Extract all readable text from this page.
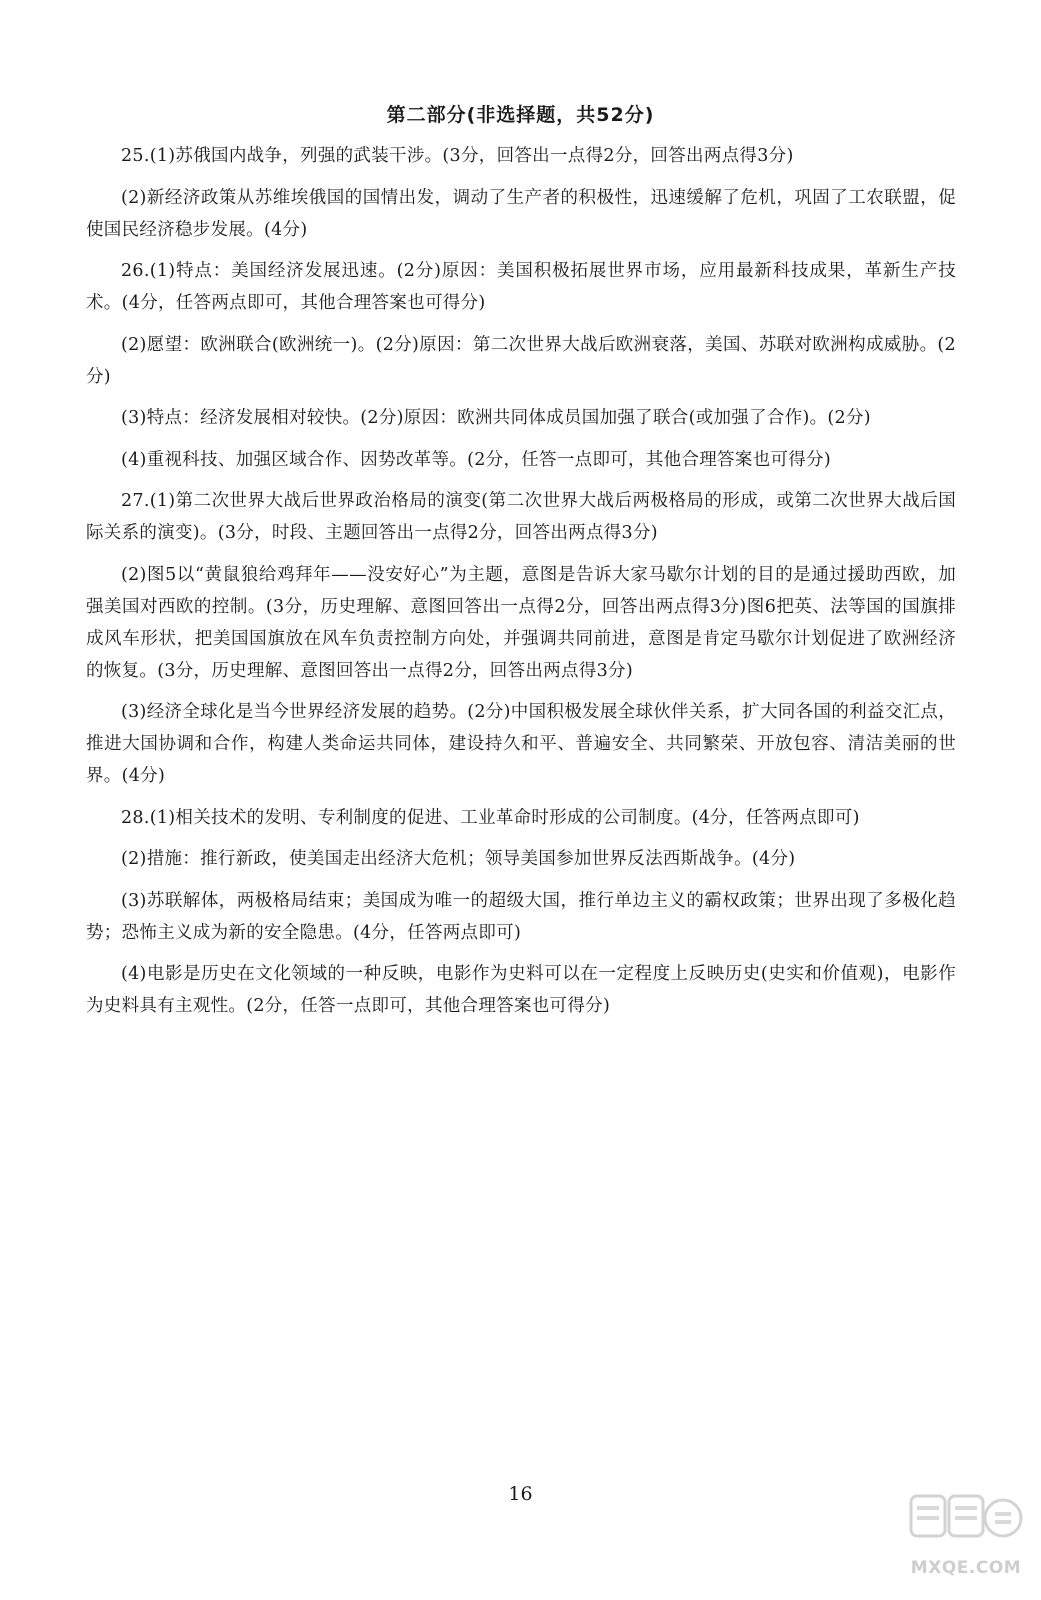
第二部分(非选择题，共52分)

25.(1)苏俄国内战争，列强的武装干涉。(3分，回答出一点得2分，回答出两点得3分)

(2)新经济政策从苏维埃俄国的国情出发，调动了生产者的积极性，迅速缓解了危机，巩固了工农联盟，促使国民经济稳步发展。(4分)

26.(1)特点：美国经济发展迅速。(2分)原因：美国积极拓展世界市场，应用最新科技成果，革新生产技术。(4分，任答两点即可，其他合理答案也可得分)

(2)愿望：欧洲联合(欧洲统一)。(2分)原因：第二次世界大战后欧洲衰落，美国、苏联对欧洲构成威胁。(2分)

(3)特点：经济发展相对较快。(2分)原因：欧洲共同体成员国加强了联合(或加强了合作)。(2分)

(4)重视科技、加强区域合作、因势改革等。(2分，任答一点即可，其他合理答案也可得分)

27.(1)第二次世界大战后世界政治格局的演变(第二次世界大战后两极格局的形成，或第二次世界大战后国际关系的演变)。(3分，时段、主题回答出一点得2分，回答出两点得3分)

(2)图5以“黄鼠狼给鸡拜年——没安好心”为主题，意图是告诉大家马歇尔计划的目的是通过援助西欧，加强美国对西欧的控制。(3分，历史理解、意图回答出一点得2分，回答出两点得3分)图6把英、法等国的国旗排成风车形状，把美国国旗放在风车负责控制方向处，并强调共同前进，意图是肯定马歇尔计划促进了欧洲经济的恢复。(3分，历史理解、意图回答出一点得2分，回答出两点得3分)

(3)经济全球化是当今世界经济发展的趋势。(2分)中国积极发展全球伙伴关系，扩大同各国的利益交汇点，推进大国协调和合作，构建人类命运共同体，建设持久和平、普遍安全、共同繁荣、开放包容、清洁美丽的世界。(4分)

28.(1)相关技术的发明、专利制度的促进、工业革命时形成的公司制度。(4分，任答两点即可)

(2)措施：推行新政，使美国走出经济大危机；领导美国参加世界反法西斯战争。(4分)

(3)苏联解体，两极格局结束；美国成为唯一的超级大国，推行单边主义的霸权政策；世界出现了多极化趋势；恐怖主义成为新的安全隐患。(4分，任答两点即可)

(4)电影是历史在文化领域的一种反映，电影作为史料可以在一定程度上反映历史(史实和价值观)，电影作为史料具有主观性。(2分，任答一点即可，其他合理答案也可得分)

16
MXQE.COM
